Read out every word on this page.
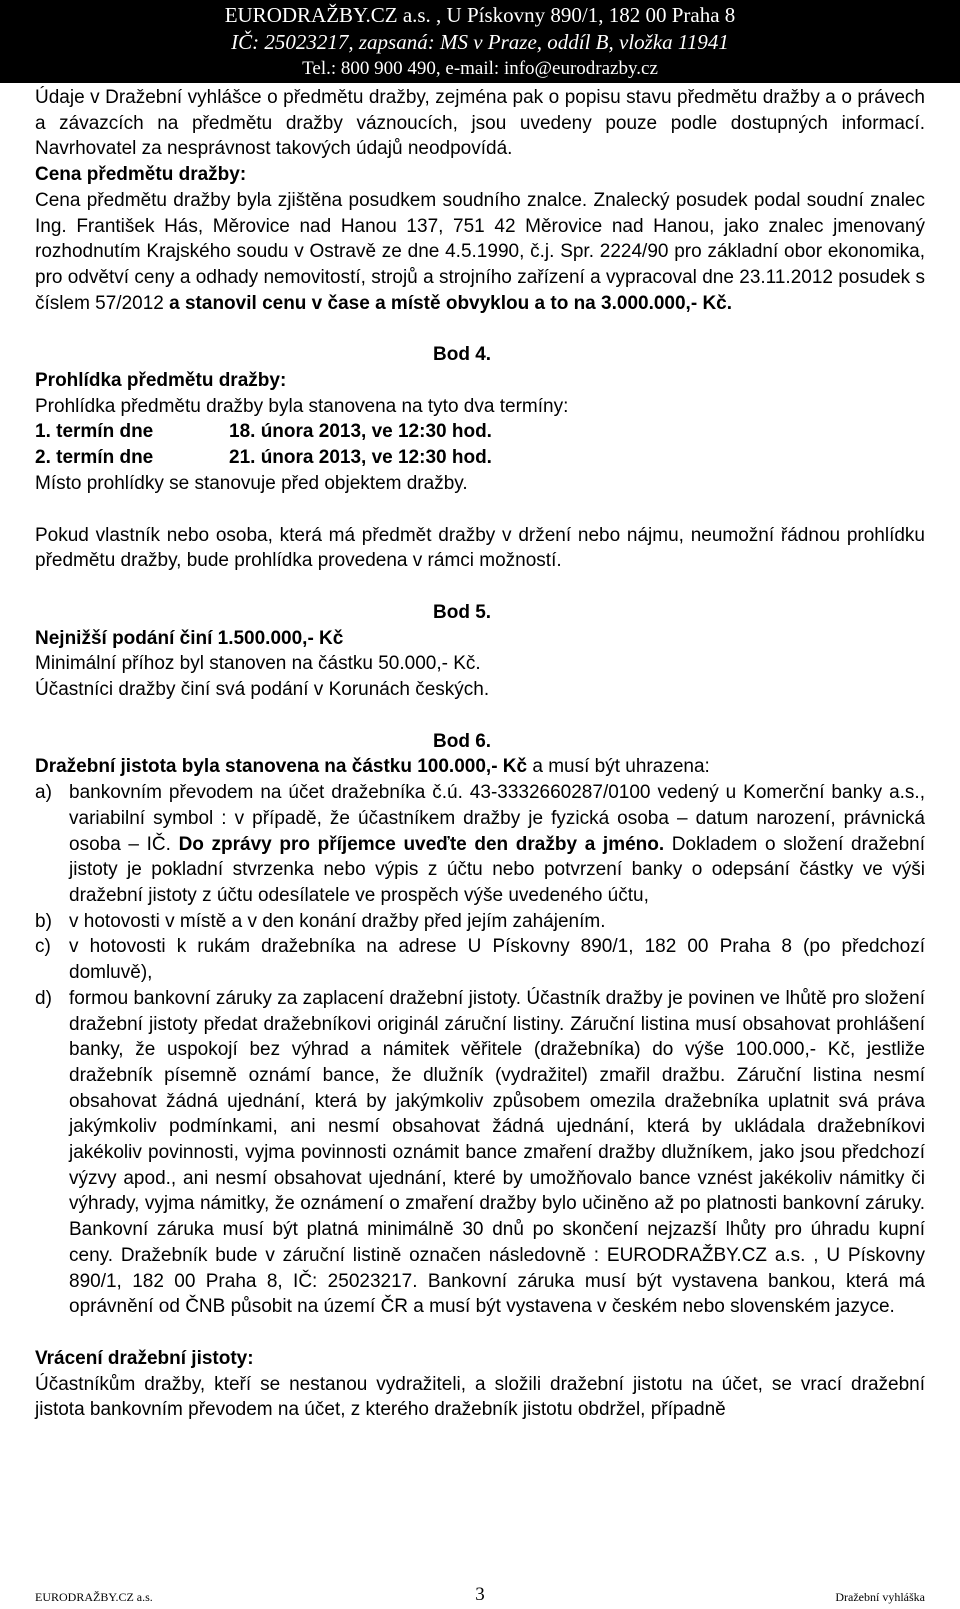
EURODRAŽBY.CZ a.s. , U Pískovny 890/1, 182 00 Praha 8
IČ: 25023217, zapsaná: MS v Praze, oddíl B, vložka 11941
Tel.: 800 900 490, e-mail: info@eurodrazby.cz

Údaje v Dražební vyhlášce o předmětu dražby, zejména pak o popisu stavu předmětu dražby a o právech a závazcích na předmětu dražby váznoucích, jsou uvedeny pouze podle dostupných informací. Navrhovatel za nesprávnost takových údajů neodpovídá.

Cena předmětu dražby:

Cena předmětu dražby byla zjištěna posudkem soudního znalce. Znalecký posudek podal soudní znalec Ing. František Hás, Měrovice nad Hanou 137, 751 42 Měrovice nad Hanou, jako znalec jmenovaný rozhodnutím Krajského soudu v Ostravě ze dne 4.5.1990, č.j. Spr. 2224/90 pro základní obor ekonomika, pro odvětví ceny a odhady nemovitostí, strojů a strojního zařízení a vypracoval dne 23.11.2012 posudek s číslem 57/2012 a stanovil cenu v čase a místě obvyklou a to na 3.000.000,- Kč.

Bod 4.

Prohlídka předmětu dražby:

Prohlídka předmětu dražby byla stanovena na tyto dva termíny:

1. termín dne	18. února 2013, ve 12:30 hod.
2. termín dne	21. února 2013, ve 12:30 hod.

Místo prohlídky se stanovuje před objektem dražby.

Pokud vlastník nebo osoba, která má předmět dražby v držení nebo nájmu, neumožní řádnou prohlídku předmětu dražby, bude prohlídka provedena v rámci možností.

Bod 5.

Nejnižší podání činí 1.500.000,- Kč

Minimální příhoz byl stanoven na částku 50.000,- Kč.

Účastníci dražby činí svá podání v Korunách českých.

Bod 6.

Dražební jistota byla stanovena na částku 100.000,- Kč a musí být uhrazena:

a) bankovním převodem na účet dražebníka č.ú. 43-3332660287/0100 vedený u Komerční banky a.s., variabilní symbol : v případě, že účastníkem dražby je fyzická osoba – datum narození, právnická osoba – IČ. Do zprávy pro příjemce uveďte den dražby a jméno. Dokladem o složení dražební jistoty je pokladní stvrzenka nebo výpis z účtu nebo potvrzení banky o odepsání částky ve výši dražební jistoty z účtu odesílatele ve prospěch výše uvedeného účtu,
b) v hotovosti v místě a v den konání dražby před jejím zahájením.
c) v hotovosti k rukám dražebníka na adrese U Pískovny 890/1, 182 00 Praha 8 (po předchozí domluvě),
d) formou bankovní záruky za zaplacení dražební jistoty. Účastník dražby je povinen ve lhůtě pro složení dražební jistoty předat dražebníkovi originál záruční listiny. Záruční listina musí obsahovat prohlášení banky, že uspokojí bez výhrad a námitek věřitele (dražebníka) do výše 100.000,- Kč, jestliže dražebník písemně oznámí bance, že dlužník (vydražitel) zmařil dražbu. Záruční listina nesmí obsahovat žádná ujednání, která by jakýmkoliv způsobem omezila dražebníka uplatnit svá práva jakýmkoliv podmínkami, ani nesmí obsahovat žádná ujednání, která by ukládala dražebníkovi jakékoliv povinnosti, vyjma povinnosti oznámit bance zmaření dražby dlužníkem, jako jsou předchozí výzvy apod., ani nesmí obsahovat ujednání, které by umožňovalo bance vznést jakékoliv námitky či výhrady, vyjma námitky, že oznámení o zmaření dražby bylo učiněno až po platnosti bankovní záruky. Bankovní záruka musí být platná minimálně 30 dnů po skončení nejzazší lhůty pro úhradu kupní ceny. Dražebník bude v záruční listině označen následovně : EURODRAŽBY.CZ a.s. , U Pískovny 890/1, 182 00 Praha 8, IČ: 25023217. Bankovní záruka musí být vystavena bankou, která má oprávnění od ČNB působit na území ČR a musí být vystavena v českém nebo slovenském jazyce.

Vrácení dražební jistoty:

Účastníkům dražby, kteří se nestanou vydražiteli, a složili dražební jistotu na účet, se vrací dražební jistota bankovním převodem na účet, z kterého dražebník jistotu obdržel, případně

EURODRAŽBY.CZ a.s.	3	Dražební vyhláška
